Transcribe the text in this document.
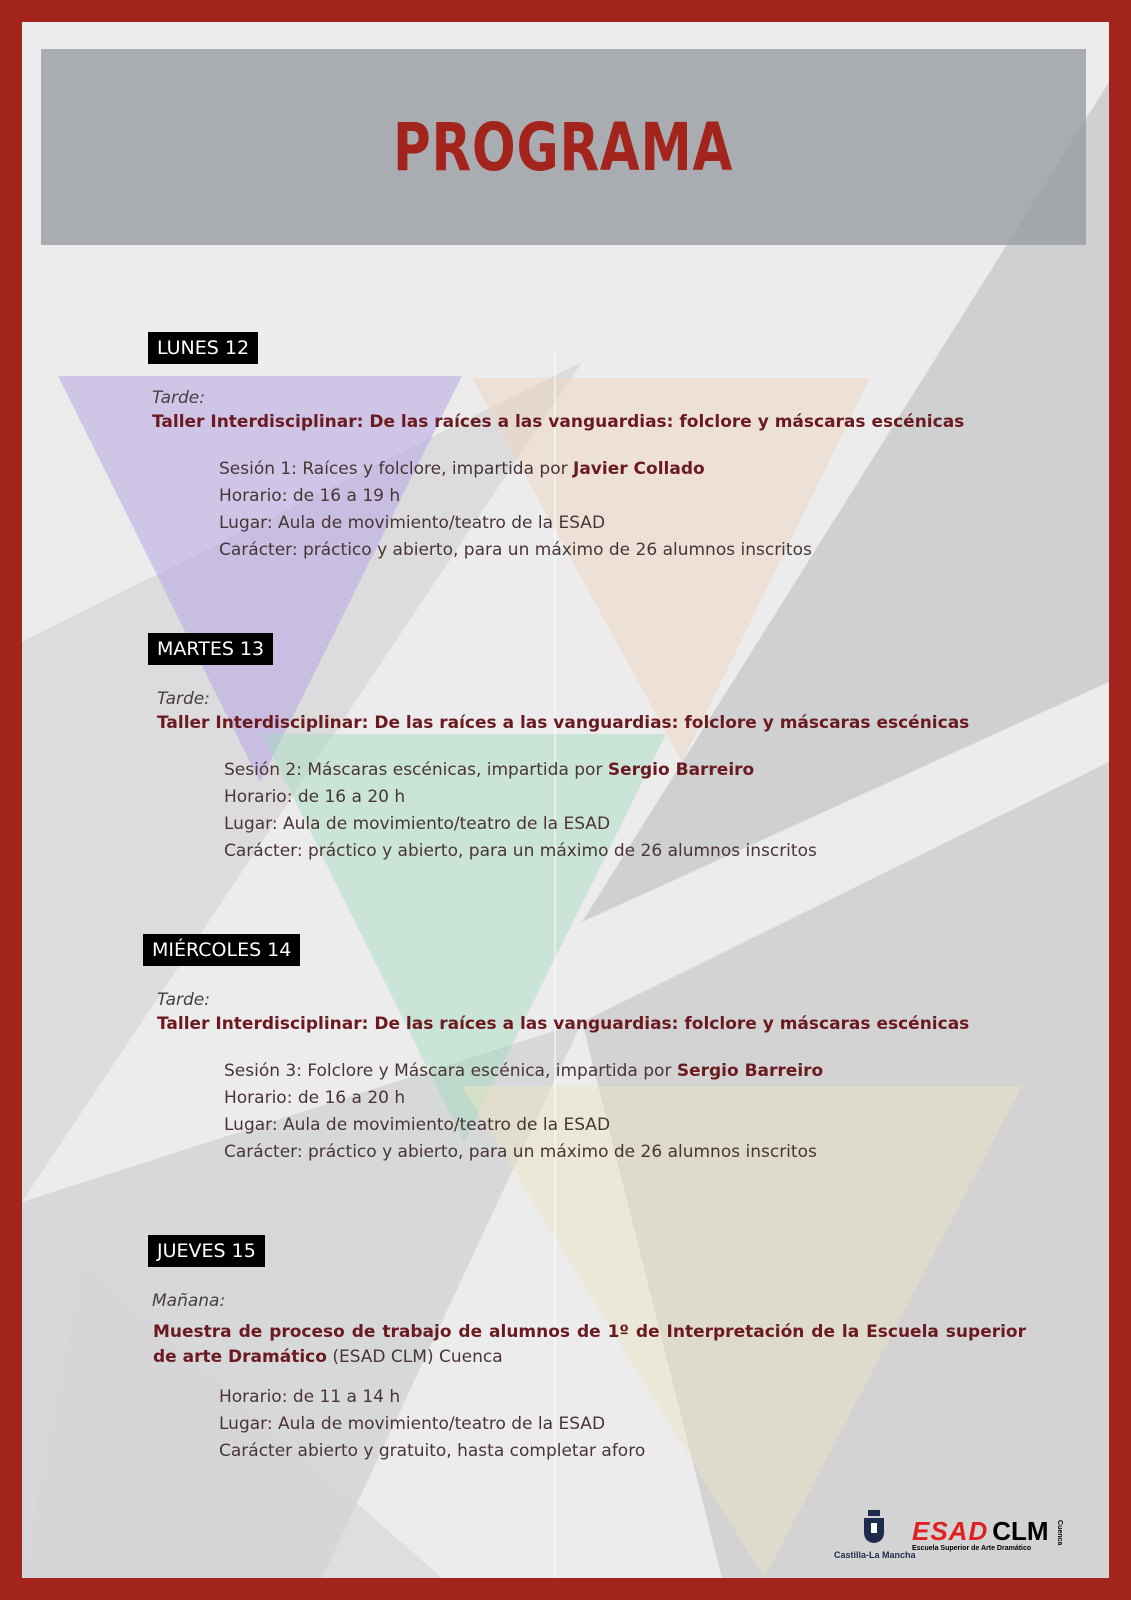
PROGRAMA
LUNES 12
Tarde:
Taller Interdisciplinar: De las raíces a las vanguardias: folclore y máscaras escénicas
Sesión 1: Raíces y folclore, impartida por Javier Collado
Horario: de 16 a 19 h
Lugar: Aula de movimiento/teatro de la ESAD
Carácter: práctico y abierto, para un máximo de 26 alumnos inscritos
MARTES 13
Tarde:
Taller Interdisciplinar: De las raíces a las vanguardias: folclore y máscaras escénicas
Sesión 2: Máscaras escénicas, impartida por Sergio Barreiro
Horario: de 16 a 20 h
Lugar: Aula de movimiento/teatro de la ESAD
Carácter: práctico y abierto, para un máximo de 26 alumnos inscritos
MIÉRCOLES 14
Tarde:
Taller Interdisciplinar: De las raíces a las vanguardias: folclore y máscaras escénicas
Sesión 3: Folclore y Máscara escénica, impartida por Sergio Barreiro
Horario: de 16 a 20 h
Lugar: Aula de movimiento/teatro de la ESAD
Carácter: práctico y abierto, para un máximo de 26 alumnos inscritos
JUEVES 15
Mañana:
Muestra de proceso de trabajo de alumnos de 1º de Interpretación de la Escuela superior de arte Dramático (ESAD CLM) Cuenca
Horario: de 11 a 14 h
Lugar: Aula de movimiento/teatro de la ESAD
Carácter abierto y gratuito, hasta completar aforo
Castilla-La Mancha
ESAD CLM
Escuela Superior de Arte Dramático
Cuenca
